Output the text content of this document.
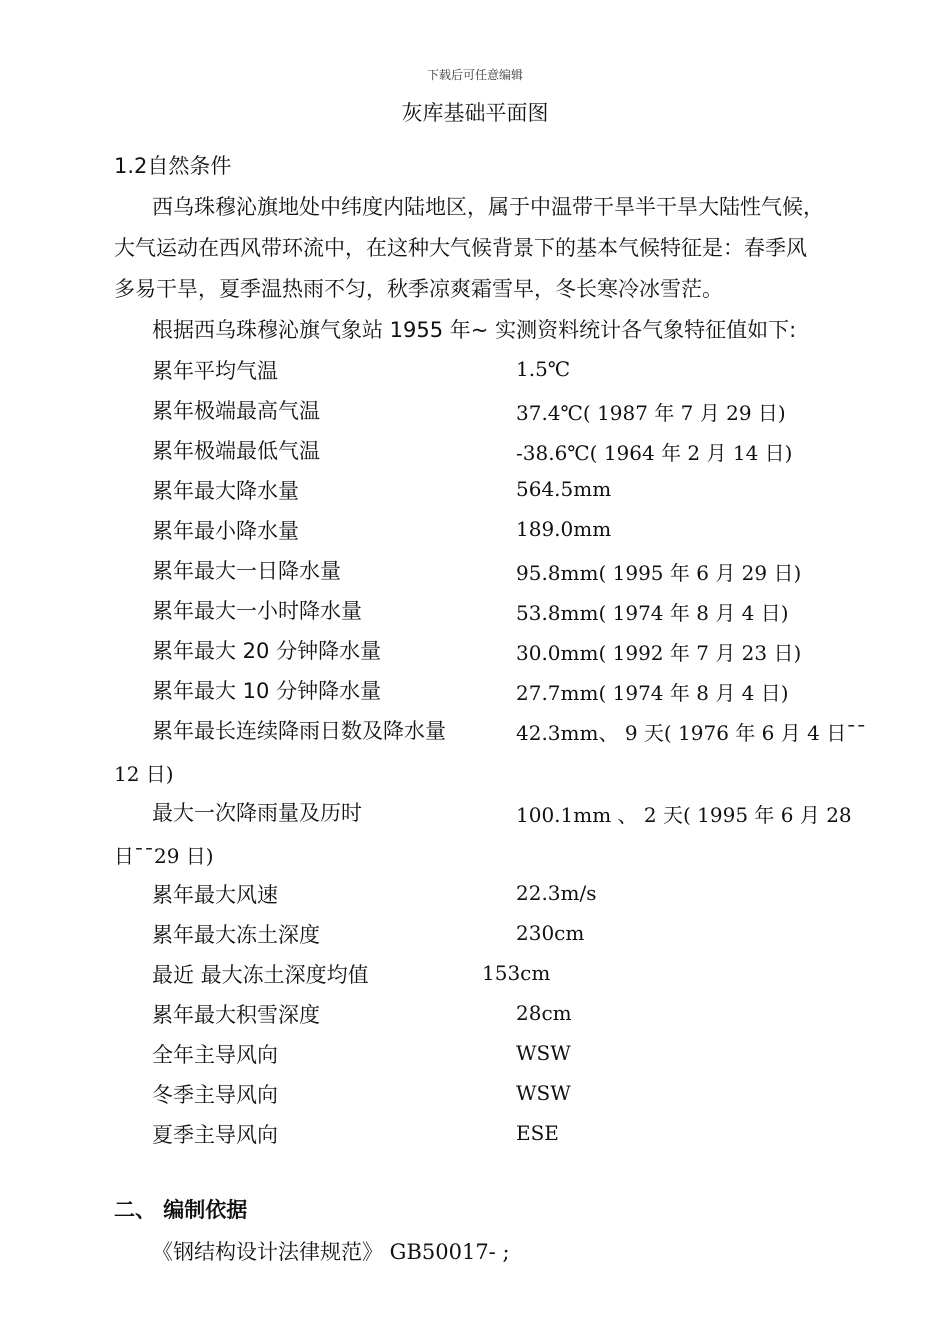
下载后可任意编辑
灰库基础平面图
1.2自然条件
西乌珠穆沁旗地处中纬度内陆地区，属于中温带干旱半干旱大陆性气候，
大气运动在西风带环流中，在这种大气候背景下的基本气候特征是：春季风
多易干旱，夏季温热雨不匀，秋季凉爽霜雪早，冬长寒冷冰雪茫。
根据西乌珠穆沁旗气象站 1955 年~ 实测资料统计各气象特征值如下:
累年平均气温	1.5℃
累年极端最高气温	37.4℃( 1987 年 7 月 29 日)
累年极端最低气温	-38.6℃( 1964 年 2 月 14 日)
累年最大降水量	564.5mm
累年最小降水量	189.0mm
累年最大一日降水量	95.8mm( 1995 年 6 月 29 日)
累年最大一小时降水量	53.8mm( 1974 年 8 月 4 日)
累年最大 20 分钟降水量	30.0mm( 1992 年 7 月 23 日)
累年最大 10 分钟降水量	27.7mm( 1974 年 8 月 4 日)
累年最长连续降雨日数及降水量	42.3mm、 9 天( 1976 年 6 月 4 日¯¯
12 日)
最大一次降雨量及历时	100.1mm 、 2 天( 1995 年 6 月 28
日¯¯29 日)
累年最大风速	22.3m/s
累年最大冻土深度	230cm
最近 最大冻土深度均值	153cm
累年最大积雪深度	28cm
全年主导风向	WSW
冬季主导风向	WSW
夏季主导风向	ESE
二、 编制依据
《钢结构设计法律规范》 GB50017- ;
